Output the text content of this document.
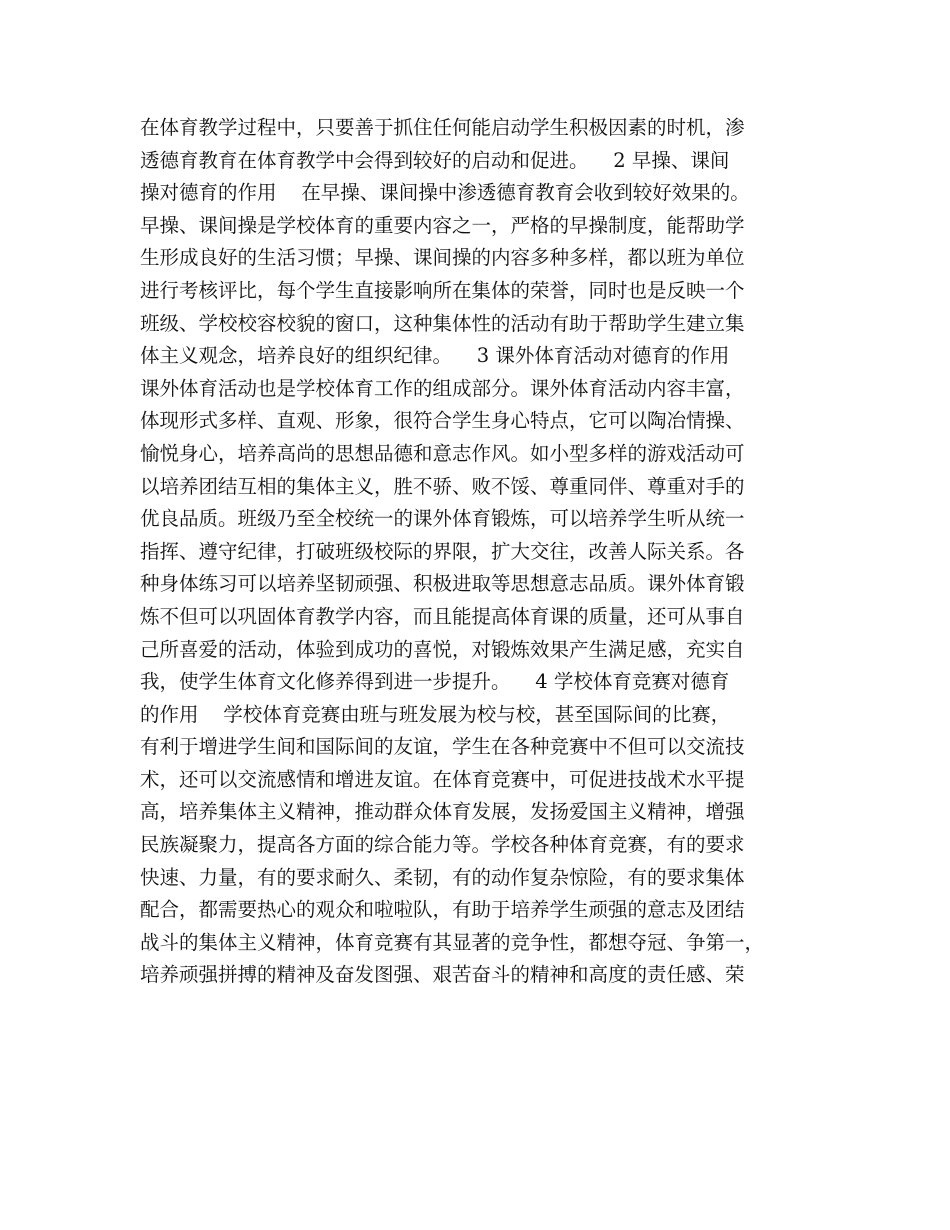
在体育教学过程中，只要善于抓住任何能启动学生积极因素的时机，渗
透德育教育在体育教学中会得到较好的启动和促进。    2 早操、课间
操对德育的作用    在早操、课间操中渗透德育教育会收到较好效果的。
早操、课间操是学校体育的重要内容之一，严格的早操制度，能帮助学
生形成良好的生活习惯；早操、课间操的内容多种多样，都以班为单位
进行考核评比，每个学生直接影响所在集体的荣誉，同时也是反映一个
班级、学校校容校貌的窗口，这种集体性的活动有助于帮助学生建立集
体主义观念，培养良好的组织纪律。    3 课外体育活动对德育的作用
课外体育活动也是学校体育工作的组成部分。课外体育活动内容丰富，
体现形式多样、直观、形象，很符合学生身心特点，它可以陶冶情操、
愉悦身心，培养高尚的思想品德和意志作风。如小型多样的游戏活动可
以培养团结互相的集体主义，胜不骄、败不馁、尊重同伴、尊重对手的
优良品质。班级乃至全校统一的课外体育锻炼，可以培养学生听从统一
指挥、遵守纪律，打破班级校际的界限，扩大交往，改善人际关系。各
种身体练习可以培养坚韧顽强、积极进取等思想意志品质。课外体育锻
炼不但可以巩固体育教学内容，而且能提高体育课的质量，还可从事自
己所喜爱的活动，体验到成功的喜悦，对锻炼效果产生满足感，充实自
我，使学生体育文化修养得到进一步提升。    4 学校体育竞赛对德育
的作用    学校体育竞赛由班与班发展为校与校，甚至国际间的比赛，
有利于增进学生间和国际间的友谊，学生在各种竞赛中不但可以交流技
术，还可以交流感情和增进友谊。在体育竞赛中，可促进技战术水平提
高，培养集体主义精神，推动群众体育发展，发扬爱国主义精神，增强
民族凝聚力，提高各方面的综合能力等。学校各种体育竞赛，有的要求
快速、力量，有的要求耐久、柔韧，有的动作复杂惊险，有的要求集体
配合，都需要热心的观众和啦啦队，有助于培养学生顽强的意志及团结
战斗的集体主义精神，体育竞赛有其显著的竞争性，都想夺冠、争第一，
培养顽强拼搏的精神及奋发图强、艰苦奋斗的精神和高度的责任感、荣
